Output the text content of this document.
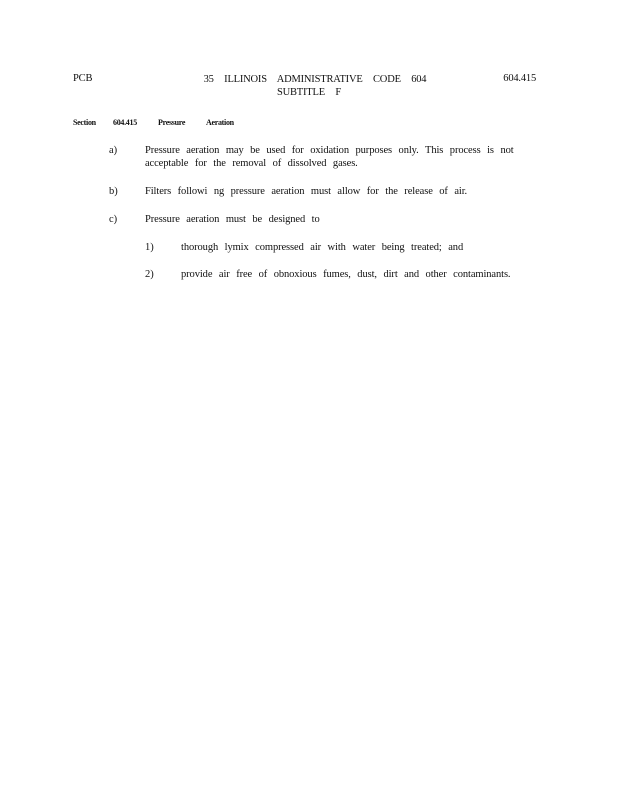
PCB	35 ILLINOIS ADMINISTRATIVE CODE 604
SUBTITLE F
604.415
Section 604.415	Pressure	Aeration
a)	Pressure aeration may be used for oxidation purposes only. This process is not
acceptable for the removal of dissolved gases.
b)	Filters followi ng pressure aeration must allow for the release of air.
c)	Pressure aeration must be designed to
1)	thorough lymix compressed air with water being treated; and
2)	provide air free of obnoxious fumes, dust, dirt and other contaminants.
